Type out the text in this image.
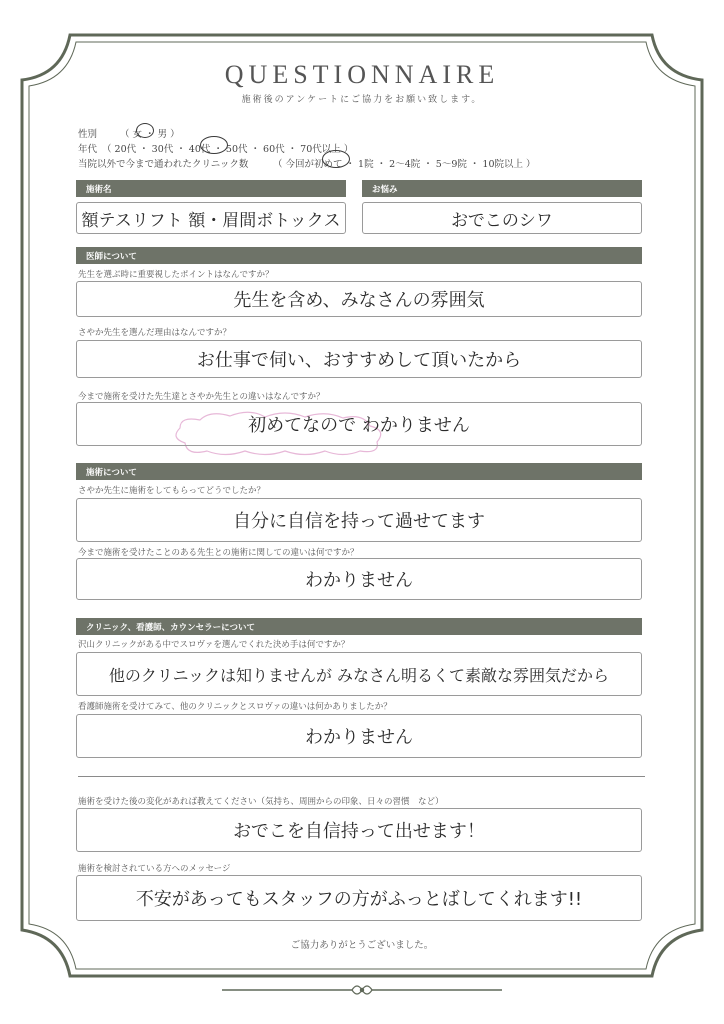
QUESTIONNAIRE
施術後のアンケートにご協力をお願い致します。
性別 （ 女 ・ 男 ）
年代 （ 20代 ・ 30代 ・ 40代 ・ 50代 ・ 60代 ・ 70代以上 ）
当院以外で今まで通われたクリニック数	（ 今回が初めて ・ 1院 ・ 2～4院 ・ 5～9院 ・ 10院以上 ）
施術名	お悩み
額テスリフト 額・眉間ボトックス	おでこのシワ
医師について
先生を選ぶ時に重要視したポイントはなんですか？
先生を含め、みなさんの雰囲気
さやか先生を選んだ理由はなんですか？
お仕事で伺い、おすすめして頂いたから
今まで施術を受けた先生達とさやか先生との違いはなんですか？
初めてなので わかりません
施術について
さやか先生に施術をしてもらってどうでしたか？
自分に自信を持って過せてます
今まで施術を受けたことのある先生との施術に関しての違いは何ですか？
わかりません
クリニック、看護師、カウンセラーについて
沢山クリニックがある中でスロヴァを選んでくれた決め手は何ですか？
他のクリニックは知りませんが みなさん明るくて素敵な雰囲気だから
看護師施術を受けてみて、他のクリニックとスロヴァの違いは何かありましたか？
わかりません
施術を受けた後の変化があれば教えてください（気持ち、周囲からの印象、日々の習慣　など）
おでこを自信持って出せます！
施術を検討されている方へのメッセージ
不安があってもスタッフの方がふっとばしてくれます!!
ご協力ありがとうございました。
